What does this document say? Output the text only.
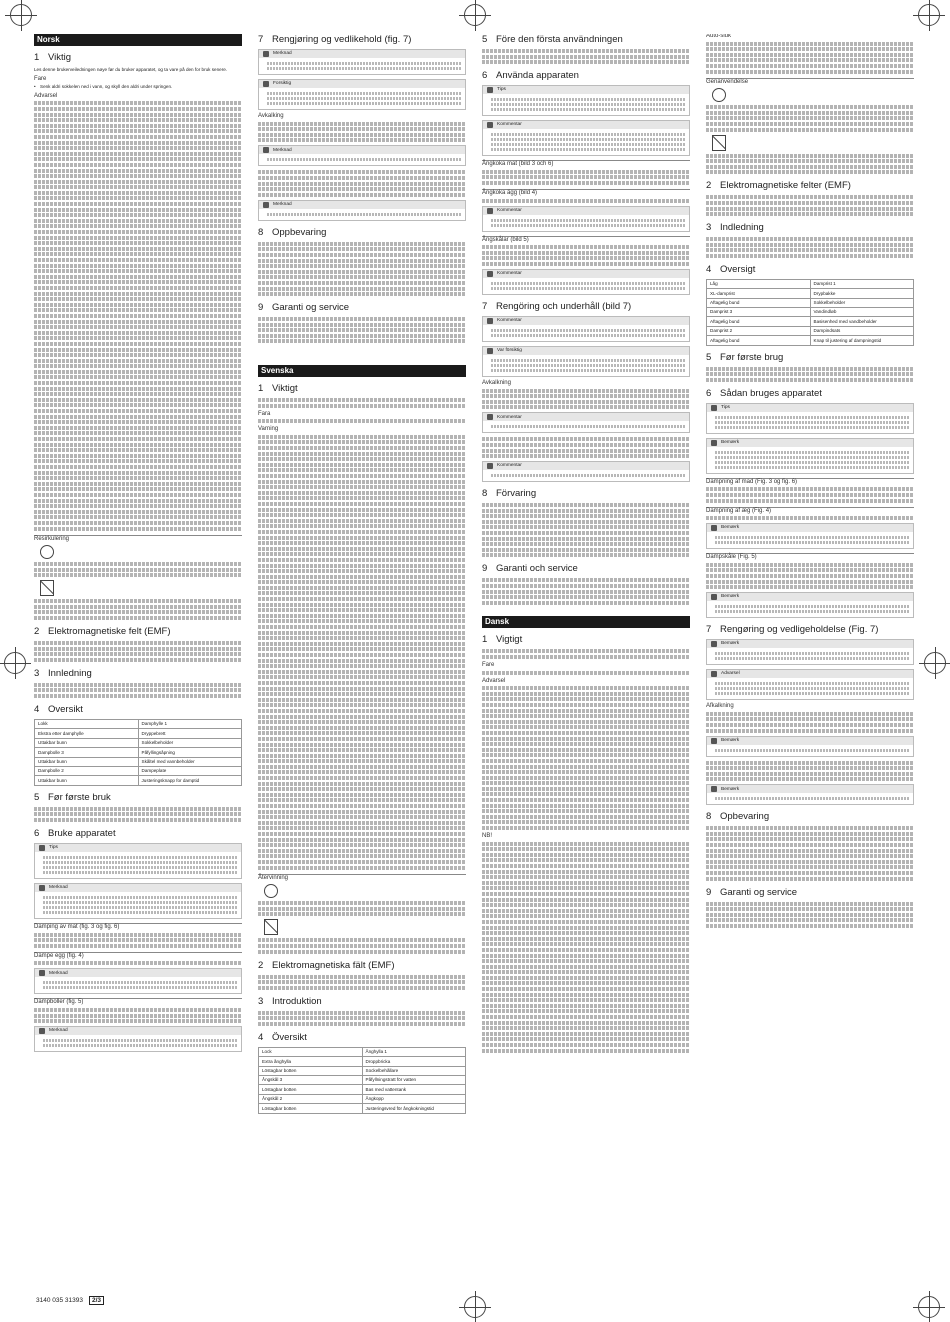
Norsk
1 Viktig

Les denne brukerveiledningen nøye før du bruker apparatet, og ta vare på den for bruk senere.

Fare
• Senk aldri sokkelen ned i vann, og skyll den aldri under springen.
Advarsel
Resirkulering
2 Elektromagnetiske felt (EMF)
3 Innledning
4 Oversikt
Lokk	Damphylle 1
Ekstra etter damphylle	Dryppebrett
Uttakbar bunn	Sokkelbeholder
Dampbolle 3	Påfyllingsåpning
Uttakbar bunn	Skåltel med vannbeholder
Dampbolle 2	Dampeplate
Uttakbar bunn	Justeringsknapp for damptid
5 Før første bruk
6 Bruke apparatet
Tips
Merknad
Damping av mat (fig. 3 og fig. 6)
Dampe egg (fig. 4)
Merknad
Dampboller (fig. 5)
Merknad
7 Rengjøring og vedlikehold (fig. 7)
Merknad
Forsiktig
Avkalking
Merknad
Merknad
8 Oppbevaring
9 Garanti og service
Svenska
1 Viktigt
Fara
Varning
Återvinning
2 Elektromagnetiska fält (EMF)
3 Introduktion
4 Översikt
Lock	Ånghylla 1
Extra ånghylla	Droppbricka
Löstagbar botten	Sockelbehållare
Ångskål 3	Påfyllningstratt för vatten
Löstagbar botten	Bas med vattentank
Ångskål 2	Ångkopp
Löstagbar botten	Justeringsvred för ångkokningstid
5 Före den första användningen
6 Använda apparaten
Tips
Kommentar
Ångkoka mat (bild 3 och 6)
Ångkoka ägg (bild 4)
Kommentar
Ångskålar (bild 5)
Kommentar
7 Rengöring och underhåll (bild 7)
Kommentar
Var försiktig
Avkalkning
Kommentar
Kommentar
8 Förvaring
9 Garanti och service
Dansk
1 Vigtigt
Fare
Advarsel
NB!
Auto-sluk
Genanvendelse
2 Elektromagnetiske felter (EMF)
3 Indledning
4 Oversigt
Låg	Damprist 1
XL-damprist	Drypbakke
Aftagelig bund	Sokkelbeholder
Damprist 3	Vandindløb
Aftagelig bund	Basisenhed med vandbeholder
Damprist 2	Dampindsats
Aftagelig bund	Knap til justering af dampningstid
5 Før første brug
6 Sådan bruges apparatet
Tips
Bemærk
Dampning af mad (Fig. 3 og fig. 6)
Dampning af æg (Fig. 4)
Bemærk
Dampskåle (Fig. 5)
Bemærk
7 Rengøring og vedligeholdelse (Fig. 7)
Bemærk
Advarsel
Afkalkning
Bemærk
Bemærk
8 Opbevaring
9 Garanti og service
3140 035 31393	2/3
